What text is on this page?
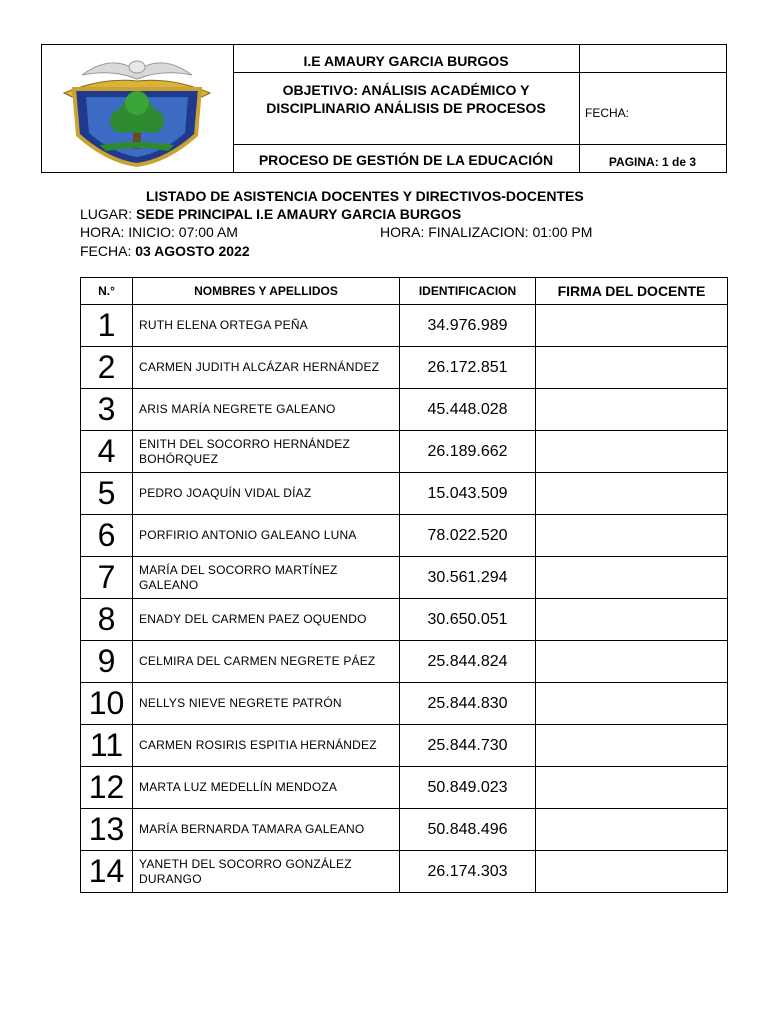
I.E AMAURY GARCIA BURGOS
OBJETIVO: ANÁLISIS ACADÉMICO Y
DISCIPLINARIO ANÁLISIS DE PROCESOS
PROCESO DE GESTIÓN DE LA EDUCACIÓN
FECHA:
PAGINA: 1 de 3
LISTADO DE ASISTENCIA DOCENTES Y DIRECTIVOS-DOCENTES
LUGAR: SEDE PRINCIPAL I.E AMAURY GARCIA BURGOS
HORA: INICIO: 07:00 AM	HORA: FINALIZACION: 01:00 PM
FECHA: 03 AGOSTO 2022
N.°	NOMBRES Y APELLIDOS	IDENTIFICACION	FIRMA DEL DOCENTE
1	RUTH ELENA ORTEGA PEÑA	34.976.989	
2	CARMEN JUDITH ALCÁZAR HERNÁNDEZ	26.172.851	
3	ARIS MARÍA NEGRETE GALEANO	45.448.028	
4	ENITH DEL SOCORRO HERNÁNDEZ BOHÓRQUEZ	26.189.662	
5	PEDRO JOAQUÍN VIDAL DÍAZ	15.043.509	
6	PORFIRIO ANTONIO GALEANO LUNA	78.022.520	
7	MARÍA DEL SOCORRO MARTÍNEZ GALEANO	30.561.294	
8	ENADY DEL CARMEN PAEZ OQUENDO	30.650.051	
9	CELMIRA DEL CARMEN NEGRETE PÁEZ	25.844.824	
10	NELLYS NIEVE NEGRETE PATRÓN	25.844.830	
11	CARMEN ROSIRIS ESPITIA HERNÁNDEZ	25.844.730	
12	MARTA LUZ MEDELLÍN MENDOZA	50.849.023	
13	MARÍA BERNARDA TAMARA GALEANO	50.848.496	
14	YANETH DEL SOCORRO GONZÁLEZ DURANGO	26.174.303	
